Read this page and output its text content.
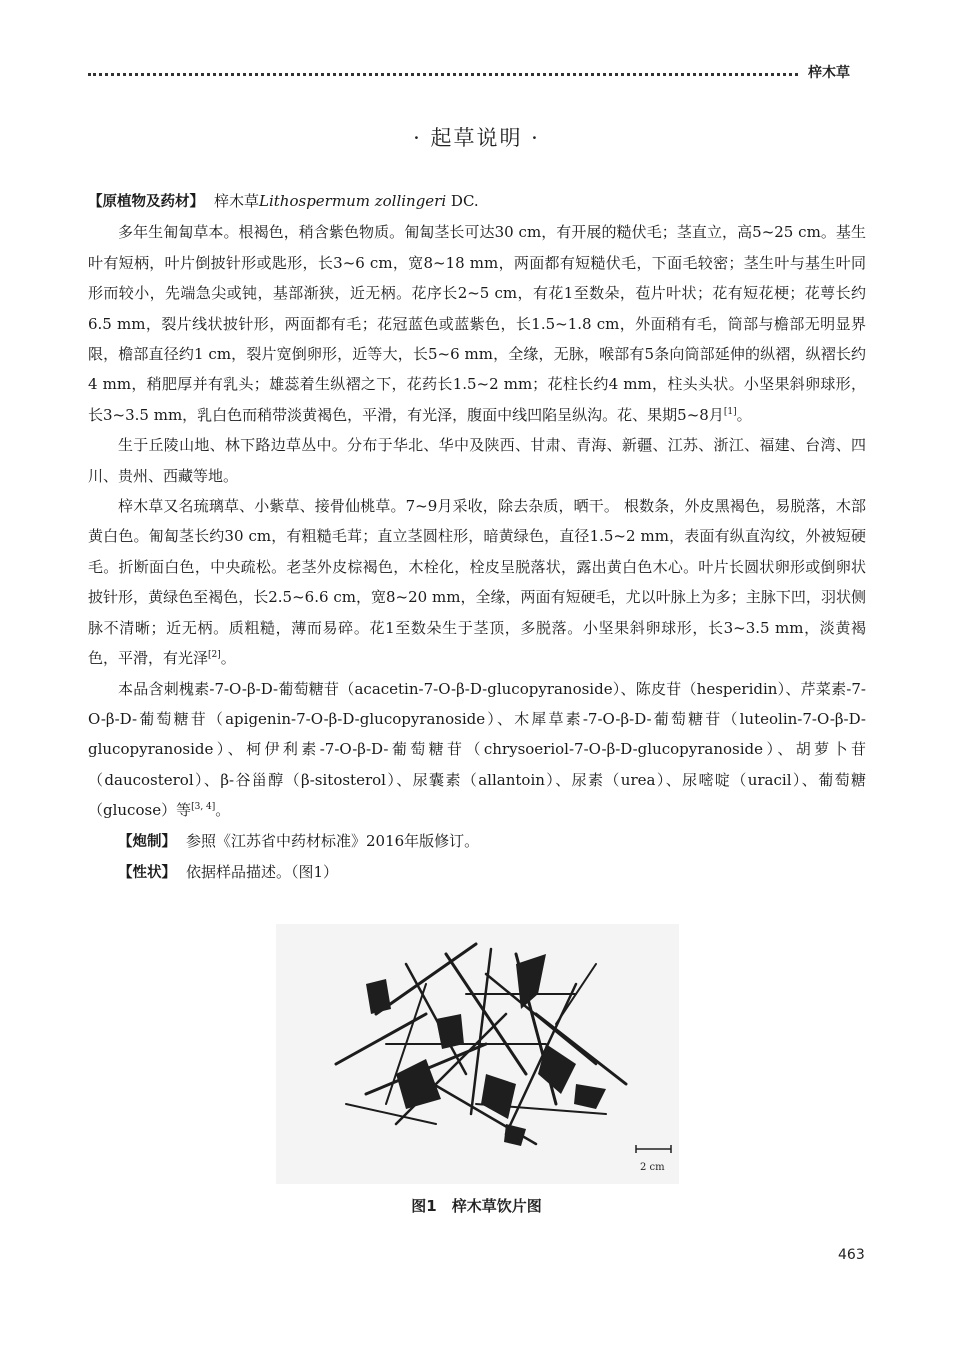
梓木草
· 起草说明 ·

【原植物及药材】 梓木草Lithospermum zollingeri DC.

多年生匍匐草本。根褐色，稍含紫色物质。匍匐茎长可达30 cm，有开展的糙伏毛；茎直立，高5~25 cm。基生叶有短柄，叶片倒披针形或匙形，长3~6 cm，宽8~18 mm，两面都有短糙伏毛，下面毛较密；茎生叶与基生叶同形而较小，先端急尖或钝，基部渐狭，近无柄。花序长2~5 cm，有花1至数朵，苞片叶状；花有短花梗；花萼长约6.5 mm，裂片线状披针形，两面都有毛；花冠蓝色或蓝紫色，长1.5~1.8 cm，外面稍有毛，筒部与檐部无明显界限，檐部直径约1 cm，裂片宽倒卵形，近等大，长5~6 mm，全缘，无脉，喉部有5条向筒部延伸的纵褶，纵褶长约4 mm，稍肥厚并有乳头；雄蕊着生纵褶之下，花药长1.5~2 mm；花柱长约4 mm，柱头头状。小坚果斜卵球形，长3~3.5 mm，乳白色而稍带淡黄褐色，平滑，有光泽，腹面中线凹陷呈纵沟。花、果期5~8月[1]。

生于丘陵山地、林下路边草丛中。分布于华北、华中及陕西、甘肃、青海、新疆、江苏、浙江、福建、台湾、四川、贵州、西藏等地。

梓木草又名琉璃草、小紫草、接骨仙桃草。7~9月采收，除去杂质，晒干。 根数条，外皮黑褐色，易脱落，木部黄白色。匍匐茎长约30 cm，有粗糙毛茸；直立茎圆柱形，暗黄绿色，直径1.5~2 mm，表面有纵直沟纹，外被短硬毛。折断面白色，中央疏松。老茎外皮棕褐色，木栓化，栓皮呈脱落状，露出黄白色木心。叶片长圆状卵形或倒卵状披针形，黄绿色至褐色，长2.5~6.6 cm，宽8~20 mm，全缘，两面有短硬毛，尤以叶脉上为多；主脉下凹，羽状侧脉不清晰；近无柄。质粗糙，薄而易碎。花1至数朵生于茎顶，多脱落。小坚果斜卵球形，长3~3.5 mm，淡黄褐色，平滑，有光泽[2]。

本品含刺槐素-7-O-β-D-葡萄糖苷（acacetin-7-O-β-D-glucopyranoside）、陈皮苷（hesperidin）、芹菜素-7-O-β-D-葡萄糖苷（apigenin-7-O-β-D-glucopyranoside）、木犀草素-7-O-β-D-葡萄糖苷（luteolin-7-O-β-D-glucopyranoside）、柯伊利素-7-O-β-D-葡萄糖苷（chrysoeriol-7-O-β-D-glucopyranoside）、胡萝卜苷（daucosterol）、β-谷甾醇（β-sitosterol）、尿囊素（allantoin）、尿素（urea）、尿嘧啶（uracil）、葡萄糖（glucose）等[3, 4]。

【炮制】 参照《江苏省中药材标准》2016年版修订。

【性状】 依据样品描述。（图1）

2 cm
图1　梓木草饮片图
463
